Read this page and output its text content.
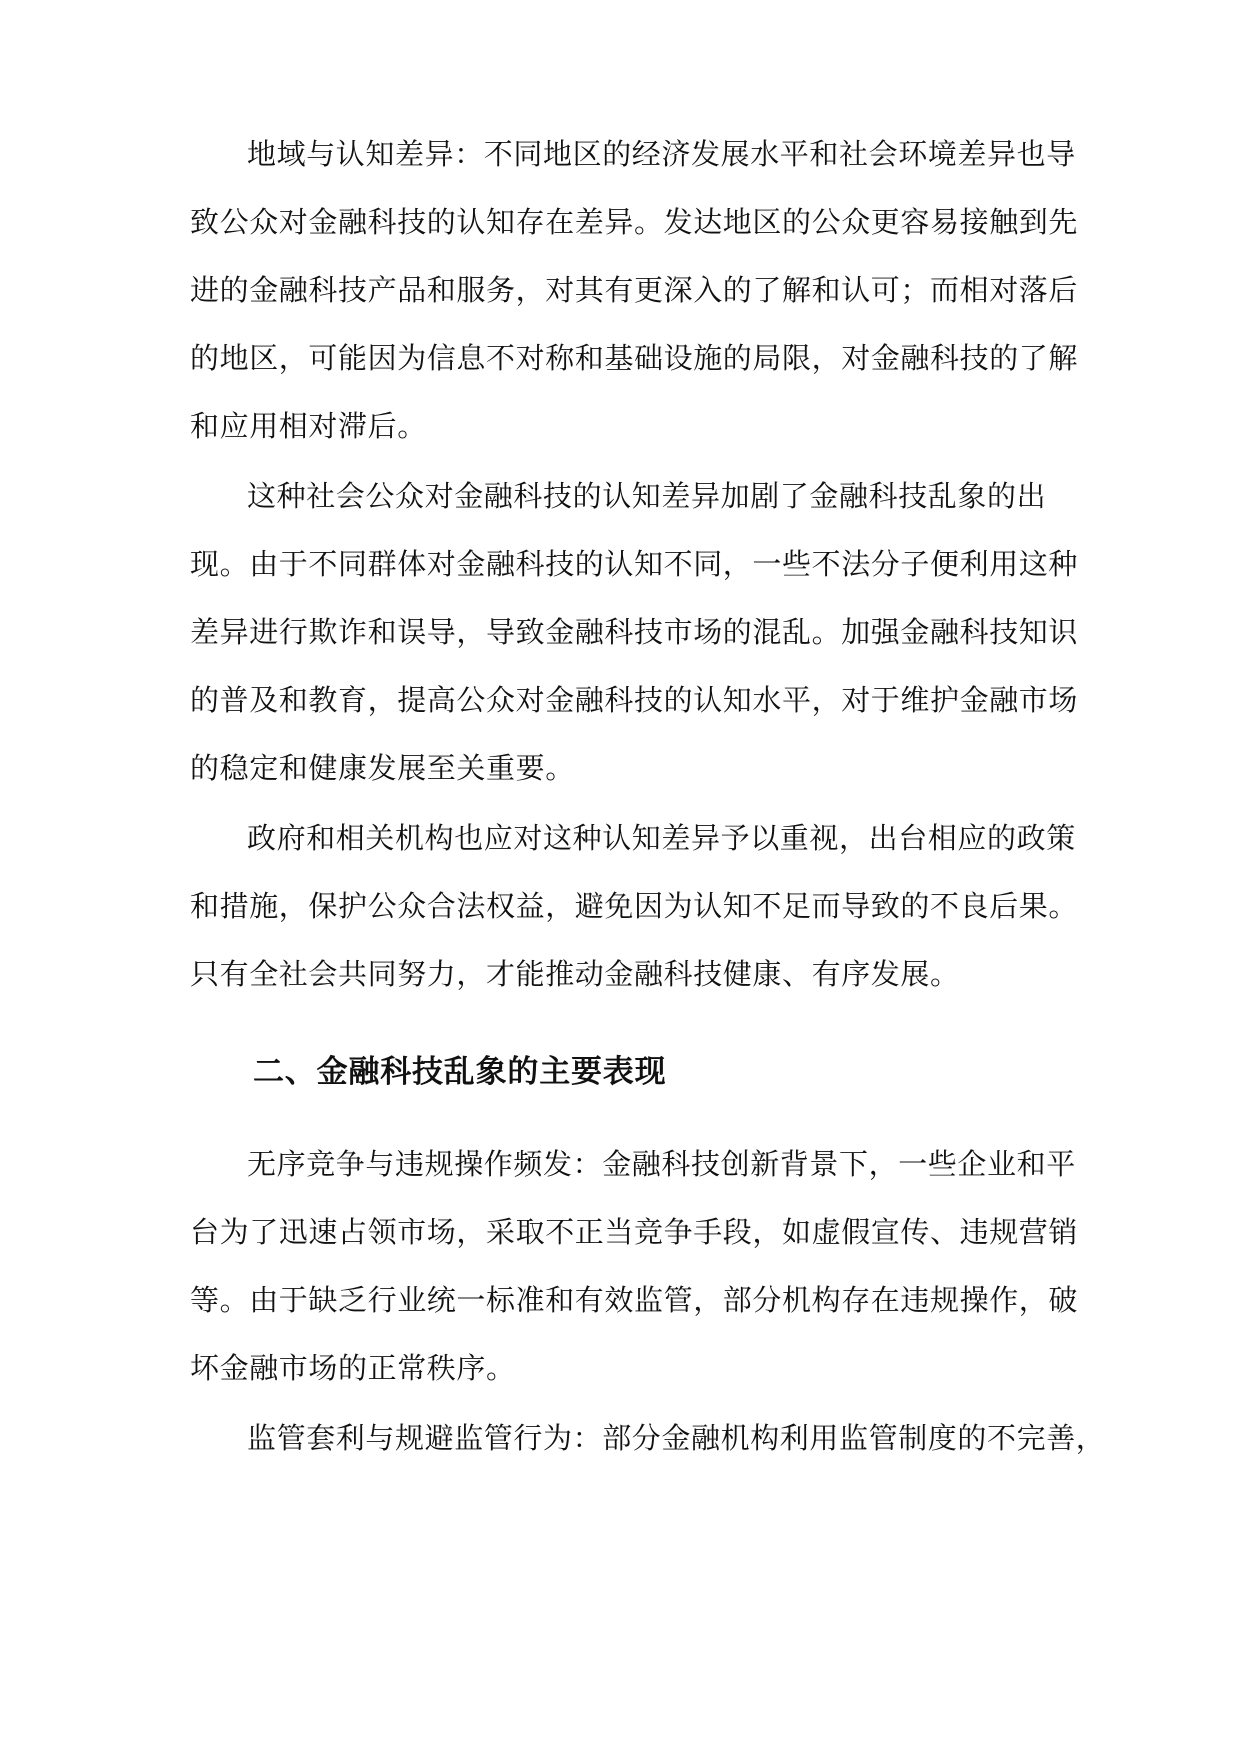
地域与认知差异：不同地区的经济发展水平和社会环境差异也导
致公众对金融科技的认知存在差异。发达地区的公众更容易接触到先
进的金融科技产品和服务，对其有更深入的了解和认可；而相对落后
的地区，可能因为信息不对称和基础设施的局限，对金融科技的了解
和应用相对滞后。
这种社会公众对金融科技的认知差异加剧了金融科技乱象的出
现。由于不同群体对金融科技的认知不同，一些不法分子便利用这种
差异进行欺诈和误导，导致金融科技市场的混乱。加强金融科技知识
的普及和教育，提高公众对金融科技的认知水平，对于维护金融市场
的稳定和健康发展至关重要。
政府和相关机构也应对这种认知差异予以重视，出台相应的政策
和措施，保护公众合法权益，避免因为认知不足而导致的不良后果。
只有全社会共同努力，才能推动金融科技健康、有序发展。
二、金融科技乱象的主要表现
无序竞争与违规操作频发：金融科技创新背景下，一些企业和平
台为了迅速占领市场，采取不正当竞争手段，如虚假宣传、违规营销
等。由于缺乏行业统一标准和有效监管，部分机构存在违规操作，破
坏金融市场的正常秩序。
监管套利与规避监管行为：部分金融机构利用监管制度的不完善，
